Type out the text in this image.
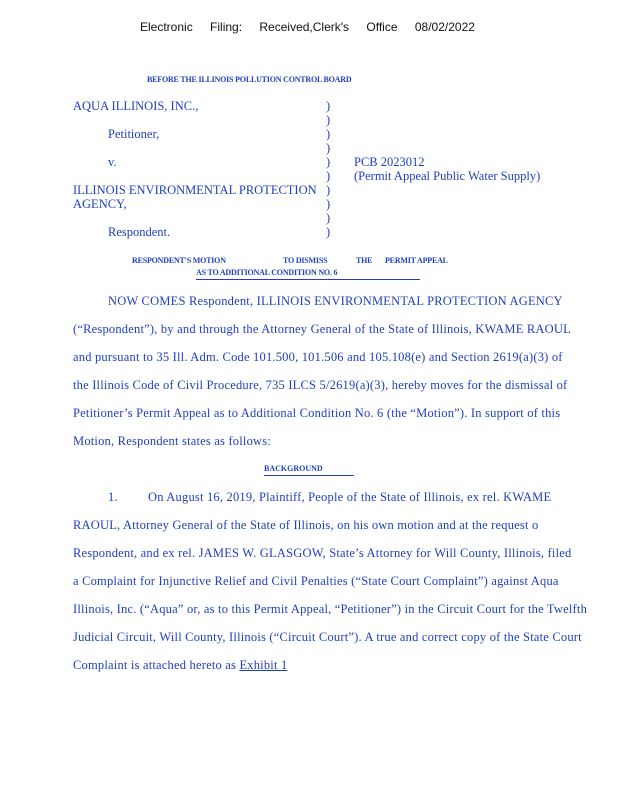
Electronic Filing: Received,Clerk's Office 08/02/2022
BEFORE THE ILLINOIS POLLUTION CONTROL BOARD
AQUA ILLINOIS, INC.,
Petitioner,
v.
ILLINOIS ENVIRONMENTAL PROTECTION
AGENCY,
Respondent.
)
)
)
)
)
)
)
)
)
)
PCB 2023012
(Permit Appeal Public Water Supply)
RESPONDENT'S MOTION	TO DISMISS	THE PERMIT APPEAL
AS TO ADDITIONAL CONDITION NO. 6
NOW COMES Respondent, ILLINOIS ENVIRONMENTAL PROTECTION AGENCY
(“Respondent”), by and through the Attorney General of the State of Illinois, KWAME RAOUL
and pursuant to 35 Ill. Adm. Code 101.500, 101.506 and 105.108(e) and Section 2619(a)(3) of
the Illinois Code of Civil Procedure, 735 ILCS 5/2619(a)(3), hereby moves for the dismissal of
Petitioner’s Permit Appeal as to Additional Condition No. 6 (the “Motion”). In support of this
Motion, Respondent states as follows:
BACKGROUND
1. On August 16, 2019, Plaintiff, People of the State of Illinois, ex rel. KWAME
RAOUL, Attorney General of the State of Illinois, on his own motion and at the request o
Respondent, and ex rel. JAMES W. GLASGOW, State’s Attorney for Will County, Illinois, filed
a Complaint for Injunctive Relief and Civil Penalties (“State Court Complaint”) against Aqua
Illinois, Inc. (“Aqua” or, as to this Permit Appeal, “Petitioner”) in the Circuit Court for the Twelfth
Judicial Circuit, Will County, Illinois (“Circuit Court”). A true and correct copy of the State Court
Complaint is attached hereto as Exhibit 1
